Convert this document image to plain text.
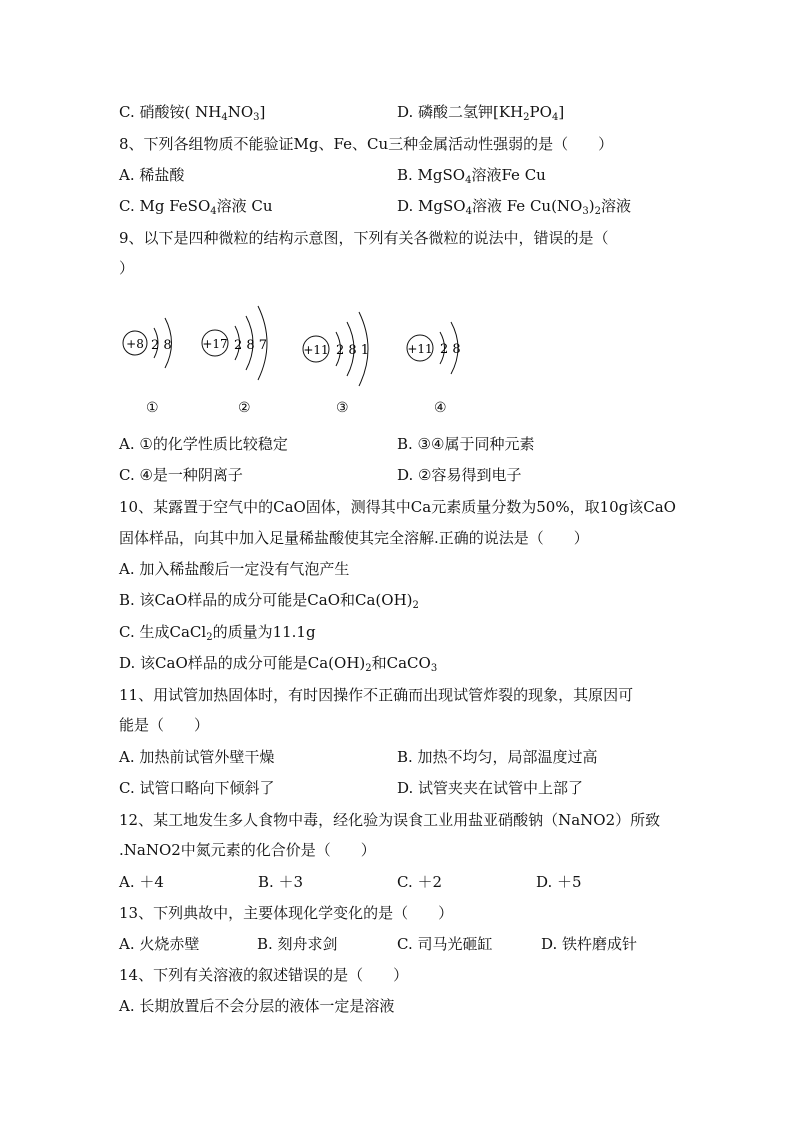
C. 硝酸铵( $NH_4NO_3$]	D. 磷酸二氢钾$[KH_2PO_4]$
8、下列各组物质不能验证Mg、Fe、Cu三种金属活动性强弱的是（　　）
A. 稀盐酸	B. MgSO$_4$溶液Fe Cu
C. Mg FeSO$_4$溶液 Cu	D. MgSO$_4$溶液 Fe $Cu(NO_3)_2$溶液
9、以下是四种微粒的结构示意图，下列有关各微粒的说法中，错误的是（
）
+8 2 8	+17 2 8 7	+11 2 8 1	+11 2 8
①	②	③	④
A. ①的化学性质比较稳定	B. ③④属于同种元素
C. ④是一种阴离子	D. ②容易得到电子
10、某露置于空气中的CaO固体，测得其中Ca元素质量分数为50%，取10g该CaO
固体样品，向其中加入足量稀盐酸使其完全溶解.正确的说法是（　　）
A. 加入稀盐酸后一定没有气泡产生
B. 该CaO样品的成分可能是CaO和$Ca(OH)_2$
C. 生成CaCl$_2$的质量为11.1g
D. 该CaO样品的成分可能是$Ca(OH)_2$和CaCO$_3$
11、用试管加热固体时，有时因操作不正确而出现试管炸裂的现象，其原因可
能是（　　）
A. 加热前试管外壁干燥	B. 加热不均匀，局部温度过高
C. 试管口略向下倾斜了	D. 试管夹夹在试管中上部了
12、某工地发生多人食物中毒，经化验为误食工业用盐亚硝酸钠（NaNO2）所致
.NaNO2中氮元素的化合价是（　　）
A. ＋4	B. ＋3	C. ＋2	D. ＋5
13、下列典故中，主要体现化学变化的是（　　）
A. 火烧赤壁	B. 刻舟求剑	C. 司马光砸缸	D. 铁杵磨成针
14、下列有关溶液的叙述错误的是（　　）
A. 长期放置后不会分层的液体一定是溶液
